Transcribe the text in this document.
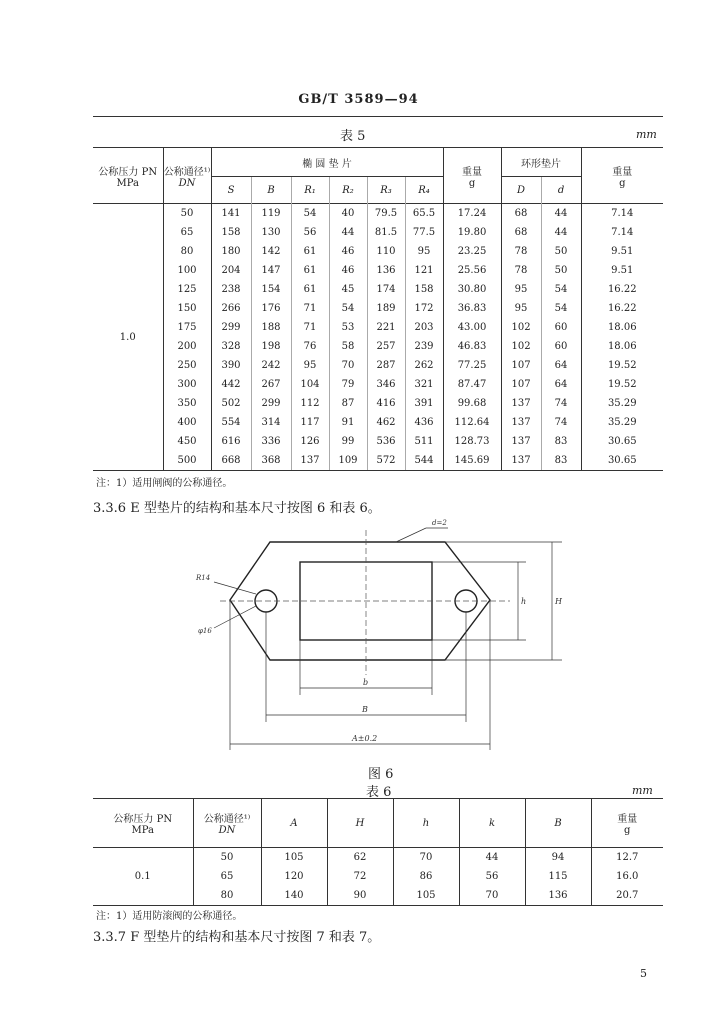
GB/T 3589—94
表 5	mm
公称压力 PN
MPa	公称通径¹⁾
DN	椭 圆 垫 片						重量
g	环形垫片		重量
g
		S	B	R₁	R₂	R₃	R₄		D	d	
1.0	50	141	119	54	40	79.5	65.5	17.24	68	44	7.14
	65	158	130	56	44	81.5	77.5	19.80	68	44	7.14
	80	180	142	61	46	110	95	23.25	78	50	9.51
	100	204	147	61	46	136	121	25.56	78	50	9.51
	125	238	154	61	45	174	158	30.80	95	54	16.22
	150	266	176	71	54	189	172	36.83	95	54	16.22
	175	299	188	71	53	221	203	43.00	102	60	18.06
	200	328	198	76	58	257	239	46.83	102	60	18.06
	250	390	242	95	70	287	262	77.25	107	64	19.52
	300	442	267	104	79	346	321	87.47	107	64	19.52
	350	502	299	112	87	416	391	99.68	137	74	35.29
	400	554	314	117	91	462	436	112.64	137	74	35.29
	450	616	336	126	99	536	511	128.73	137	83	30.65
	500	668	368	137	109	572	544	145.69	137	83	30.65
注：1）适用闸阀的公称通径。
3.3.6 E 型垫片的结构和基本尺寸按图 6 和表 6。
d=2
R14
φ16
h	H
b
B
A±0.2
图 6
表 6	mm
公称压力 PN
MPa	公称通径¹⁾
DN	A	H	h	k	B	重量
g
0.1	50	105	62	70	44	94	12.7
	65	120	72	86	56	115	16.0
	80	140	90	105	70	136	20.7
注：1）适用防滚阀的公称通径。
3.3.7 F 型垫片的结构和基本尺寸按图 7 和表 7。
5
